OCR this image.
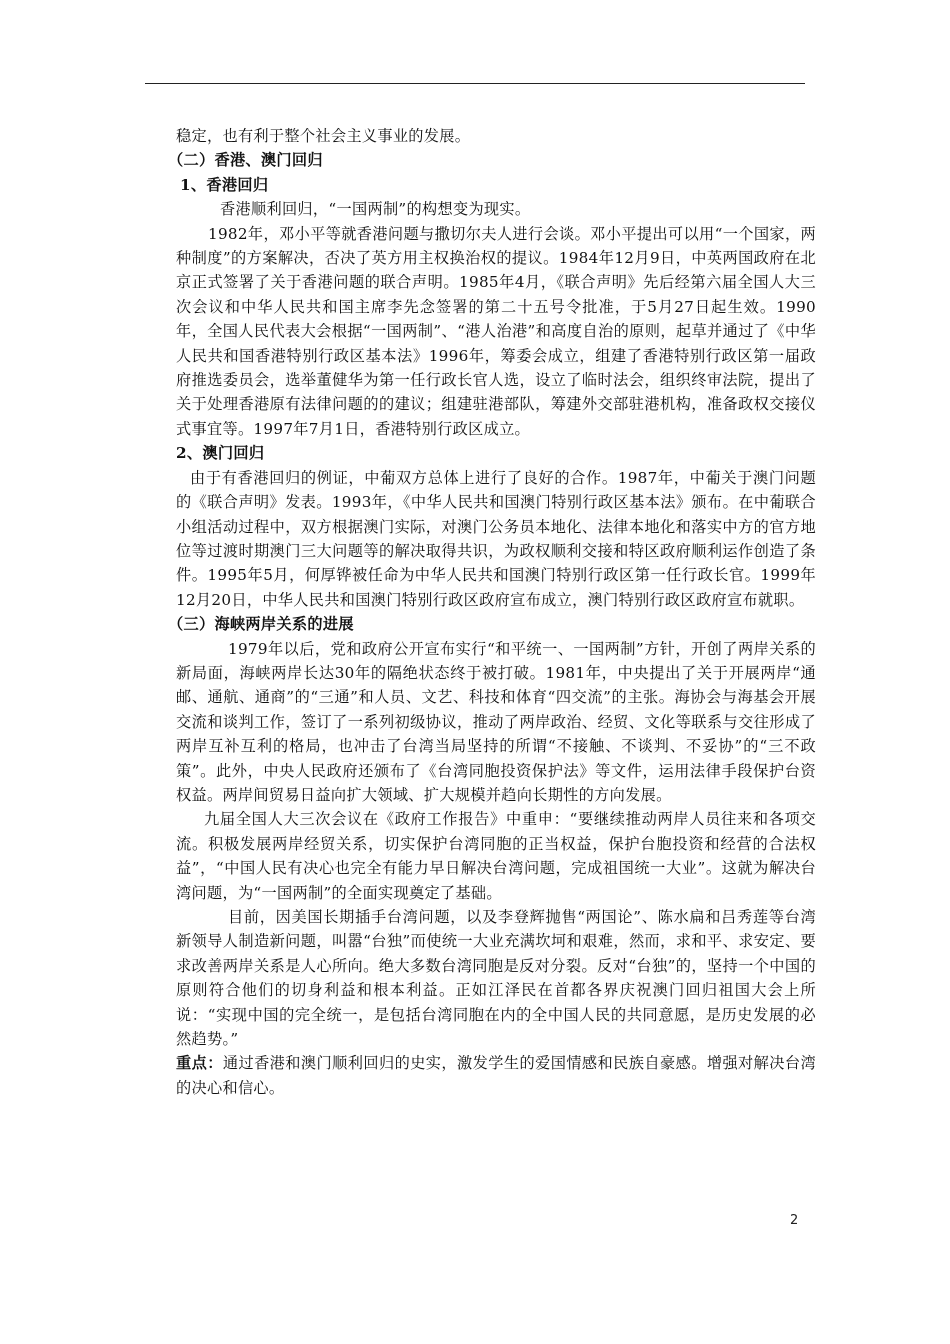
稳定，也有利于整个社会主义事业的发展。

（二）香港、澳门回归

1、香港回归

香港顺利回归，“一国两制”的构想变为现实。

1982年，邓小平等就香港问题与撒切尔夫人进行会谈。邓小平提出可以用“一个国家，两种制度”的方案解决，否决了英方用主权换治权的提议。1984年12月9日，中英两国政府在北京正式签署了关于香港问题的联合声明。1985年4月，《联合声明》先后经第六届全国人大三次会议和中华人民共和国主席李先念签署的第二十五号令批准，于5月27日起生效。1990年，全国人民代表大会根据“一国两制”、“港人治港”和高度自治的原则，起草并通过了《中华人民共和国香港特别行政区基本法》1996年，筹委会成立，组建了香港特别行政区第一届政府推选委员会，选举董健华为第一任行政长官人选，设立了临时法会，组织终审法院，提出了关于处理香港原有法律问题的的建议；组建驻港部队，筹建外交部驻港机构，准备政权交接仪式事宜等。1997年7月1日，香港特别行政区成立。

2、澳门回归

由于有香港回归的例证，中葡双方总体上进行了良好的合作。1987年，中葡关于澳门问题的《联合声明》发表。1993年，《中华人民共和国澳门特别行政区基本法》颁布。在中葡联合小组活动过程中，双方根据澳门实际，对澳门公务员本地化、法律本地化和落实中方的官方地位等过渡时期澳门三大问题等的解决取得共识，为政权顺利交接和特区政府顺利运作创造了条件。1995年5月，何厚铧被任命为中华人民共和国澳门特别行政区第一任行政长官。1999年12月20日，中华人民共和国澳门特别行政区政府宣布成立，澳门特别行政区政府宣布就职。

（三）海峡两岸关系的进展

1979年以后，党和政府公开宣布实行“和平统一、一国两制”方针，开创了两岸关系的新局面，海峡两岸长达30年的隔绝状态终于被打破。1981年，中央提出了关于开展两岸“通邮、通航、通商”的“三通”和人员、文艺、科技和体育“四交流”的主张。海协会与海基会开展交流和谈判工作，签订了一系列初级协议，推动了两岸政治、经贸、文化等联系与交往形成了两岸互补互利的格局，也冲击了台湾当局坚持的所谓“不接触、不谈判、不妥协”的“三不政策”。此外，中央人民政府还颁布了《台湾同胞投资保护法》等文件，运用法律手段保护台资权益。两岸间贸易日益向扩大领域、扩大规模并趋向长期性的方向发展。

九届全国人大三次会议在《政府工作报告》中重申：“要继续推动两岸人员往来和各项交流。积极发展两岸经贸关系，切实保护台湾同胞的正当权益，保护台胞投资和经营的合法权益”，“中国人民有决心也完全有能力早日解决台湾问题，完成祖国统一大业”。这就为解决台湾问题，为“一国两制”的全面实现奠定了基础。

目前，因美国长期插手台湾问题，以及李登辉抛售“两国论”、陈水扁和吕秀莲等台湾新领导人制造新问题，叫嚣“台独”而使统一大业充满坎坷和艰难，然而，求和平、求安定、要求改善两岸关系是人心所向。绝大多数台湾同胞是反对分裂。反对“台独”的，坚持一个中国的原则符合他们的切身利益和根本利益。正如江泽民在首都各界庆祝澳门回归祖国大会上所说：“实现中国的完全统一，是包括台湾同胞在内的全中国人民的共同意愿，是历史发展的必然趋势。”

重点：通过香港和澳门顺利回归的史实，激发学生的爱国情感和民族自豪感。增强对解决台湾的决心和信心。

2
